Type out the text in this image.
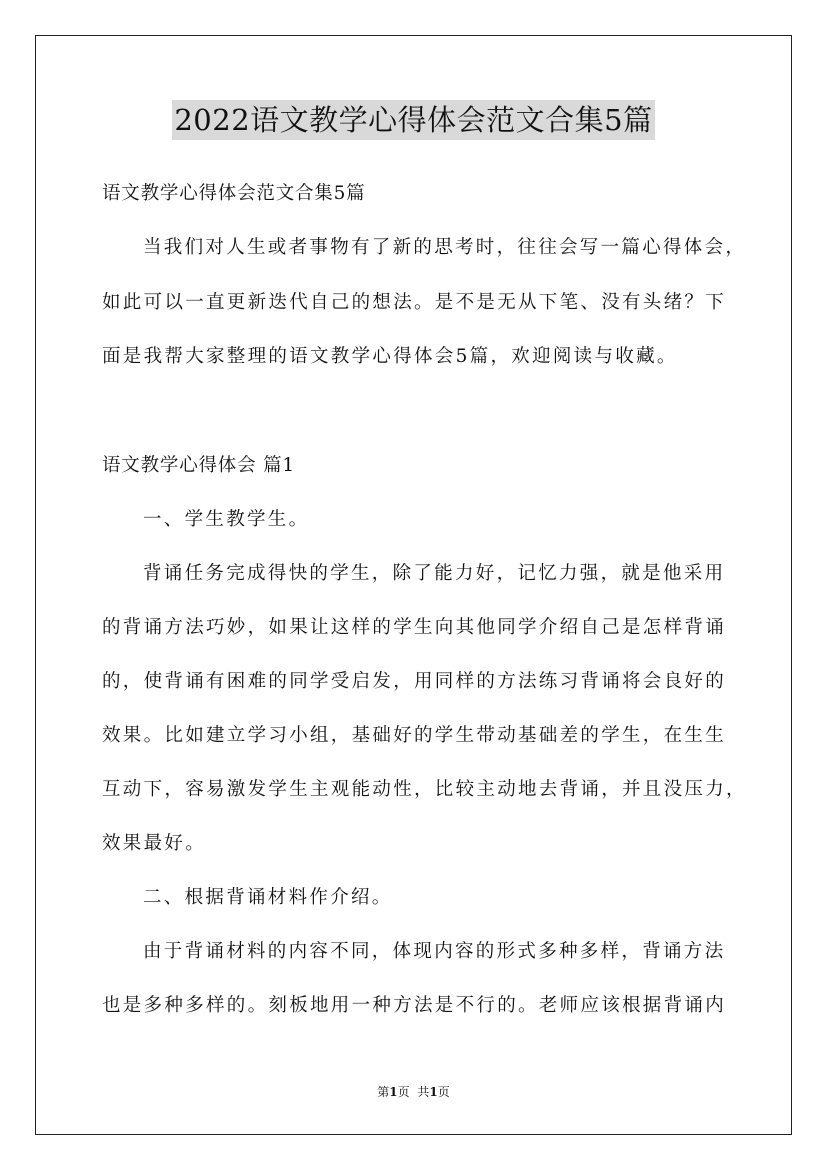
2022语文教学心得体会范文合集5篇
语文教学心得体会范文合集5篇
当我们对人生或者事物有了新的思考时，往往会写一篇心得体会，
如此可以一直更新迭代自己的想法。是不是无从下笔、没有头绪？下
面是我帮大家整理的语文教学心得体会5篇，欢迎阅读与收藏。
语文教学心得体会 篇1
一、学生教学生。
背诵任务完成得快的学生，除了能力好，记忆力强，就是他采用
的背诵方法巧妙，如果让这样的学生向其他同学介绍自己是怎样背诵
的，使背诵有困难的同学受启发，用同样的方法练习背诵将会良好的
效果。比如建立学习小组，基础好的学生带动基础差的学生，在生生
互动下，容易激发学生主观能动性，比较主动地去背诵，并且没压力，
效果最好。
二、根据背诵材料作介绍。
由于背诵材料的内容不同，体现内容的形式多种多样，背诵方法
也是多种多样的。刻板地用一种方法是不行的。老师应该根据背诵内
第1页 共1页
